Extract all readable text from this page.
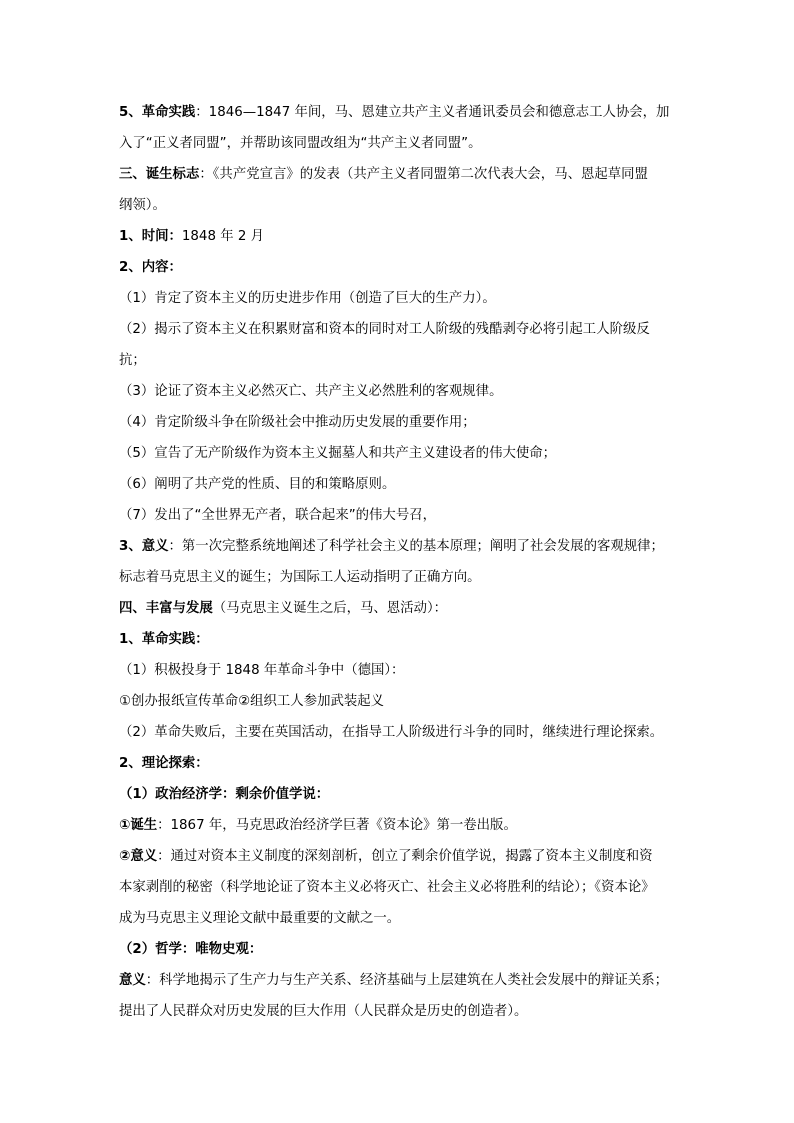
5、革命实践：1846—1847 年间，马、恩建立共产主义者通讯委员会和德意志工人协会，加
入了“正义者同盟”，并帮助该同盟改组为“共产主义者同盟”。
三、诞生标志：《共产党宣言》的发表（共产主义者同盟第二次代表大会，马、恩起草同盟
纲领）。
1、时间：1848 年 2 月
2、内容：
（1）肯定了资本主义的历史进步作用（创造了巨大的生产力）。
（2）揭示了资本主义在积累财富和资本的同时对工人阶级的残酷剥夺必将引起工人阶级反
抗；
（3）论证了资本主义必然灭亡、共产主义必然胜利的客观规律。
（4）肯定阶级斗争在阶级社会中推动历史发展的重要作用；
（5）宣告了无产阶级作为资本主义掘墓人和共产主义建设者的伟大使命；
（6）阐明了共产党的性质、目的和策略原则。
（7）发出了“全世界无产者，联合起来”的伟大号召，
3、意义：第一次完整系统地阐述了科学社会主义的基本原理；阐明了社会发展的客观规律；
标志着马克思主义的诞生；为国际工人运动指明了正确方向。
四、丰富与发展（马克思主义诞生之后，马、恩活动）：
1、革命实践：
（1）积极投身于 1848 年革命斗争中（德国）：
①创办报纸宣传革命②组织工人参加武装起义
（2）革命失败后，主要在英国活动，在指导工人阶级进行斗争的同时，继续进行理论探索。
2、理论探索：
（1）政治经济学：剩余价值学说：
①诞生：1867 年，马克思政治经济学巨著《资本论》第一卷出版。
②意义：通过对资本主义制度的深刻剖析，创立了剩余价值学说，揭露了资本主义制度和资
本家剥削的秘密（科学地论证了资本主义必将灭亡、社会主义必将胜利的结论）；《资本论》
成为马克思主义理论文献中最重要的文献之一。
（2）哲学：唯物史观：
意义：科学地揭示了生产力与生产关系、经济基础与上层建筑在人类社会发展中的辩证关系；
提出了人民群众对历史发展的巨大作用（人民群众是历史的创造者）。
